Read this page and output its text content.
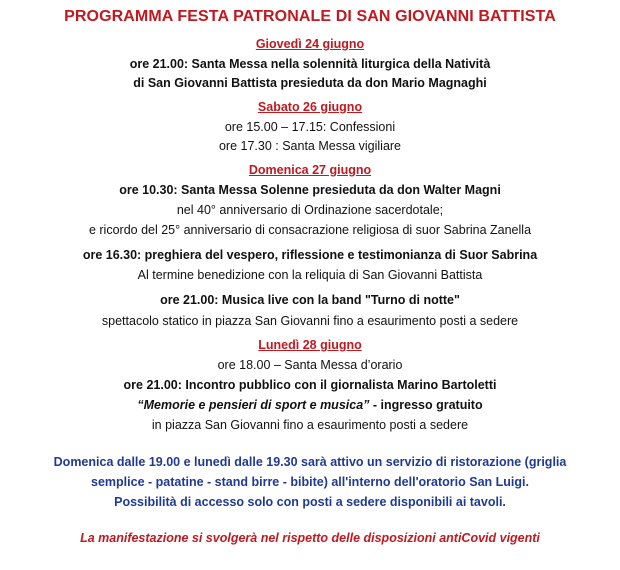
PROGRAMMA FESTA PATRONALE DI SAN GIOVANNI BATTISTA
Giovedì 24 giugno
ore 21.00: Santa Messa nella solennità liturgica della Natività
di San Giovanni Battista presieduta da don Mario Magnaghi
Sabato 26 giugno
ore 15.00 – 17.15: Confessioni
ore 17.30 : Santa Messa vigiliare
Domenica 27 giugno
ore 10.30: Santa Messa Solenne presieduta da don Walter Magni
nel 40° anniversario di Ordinazione sacerdotale;
e ricordo del 25° anniversario di consacrazione religiosa di suor Sabrina Zanella
ore 16.30: preghiera del vespero, riflessione e testimonianza di Suor Sabrina
Al termine benedizione con la reliquia di San Giovanni Battista
ore 21.00: Musica live con la band "Turno di notte"
spettacolo statico in piazza San Giovanni fino a esaurimento posti a sedere
Lunedì 28 giugno
ore 18.00 – Santa Messa d’orario
ore 21.00: Incontro pubblico con il giornalista Marino Bartoletti
“Memorie e pensieri di sport e musica” - ingresso gratuito
in piazza San Giovanni fino a esaurimento posti a sedere
Domenica dalle 19.00 e lunedì dalle 19.30 sarà attivo un servizio di ristorazione (griglia
semplice - patatine - stand birre - bibite) all'interno dell'oratorio San Luigi.
Possibilità di accesso solo con posti a sedere disponibili ai tavoli.
La manifestazione si svolgerà nel rispetto delle disposizioni antiCovid vigenti
